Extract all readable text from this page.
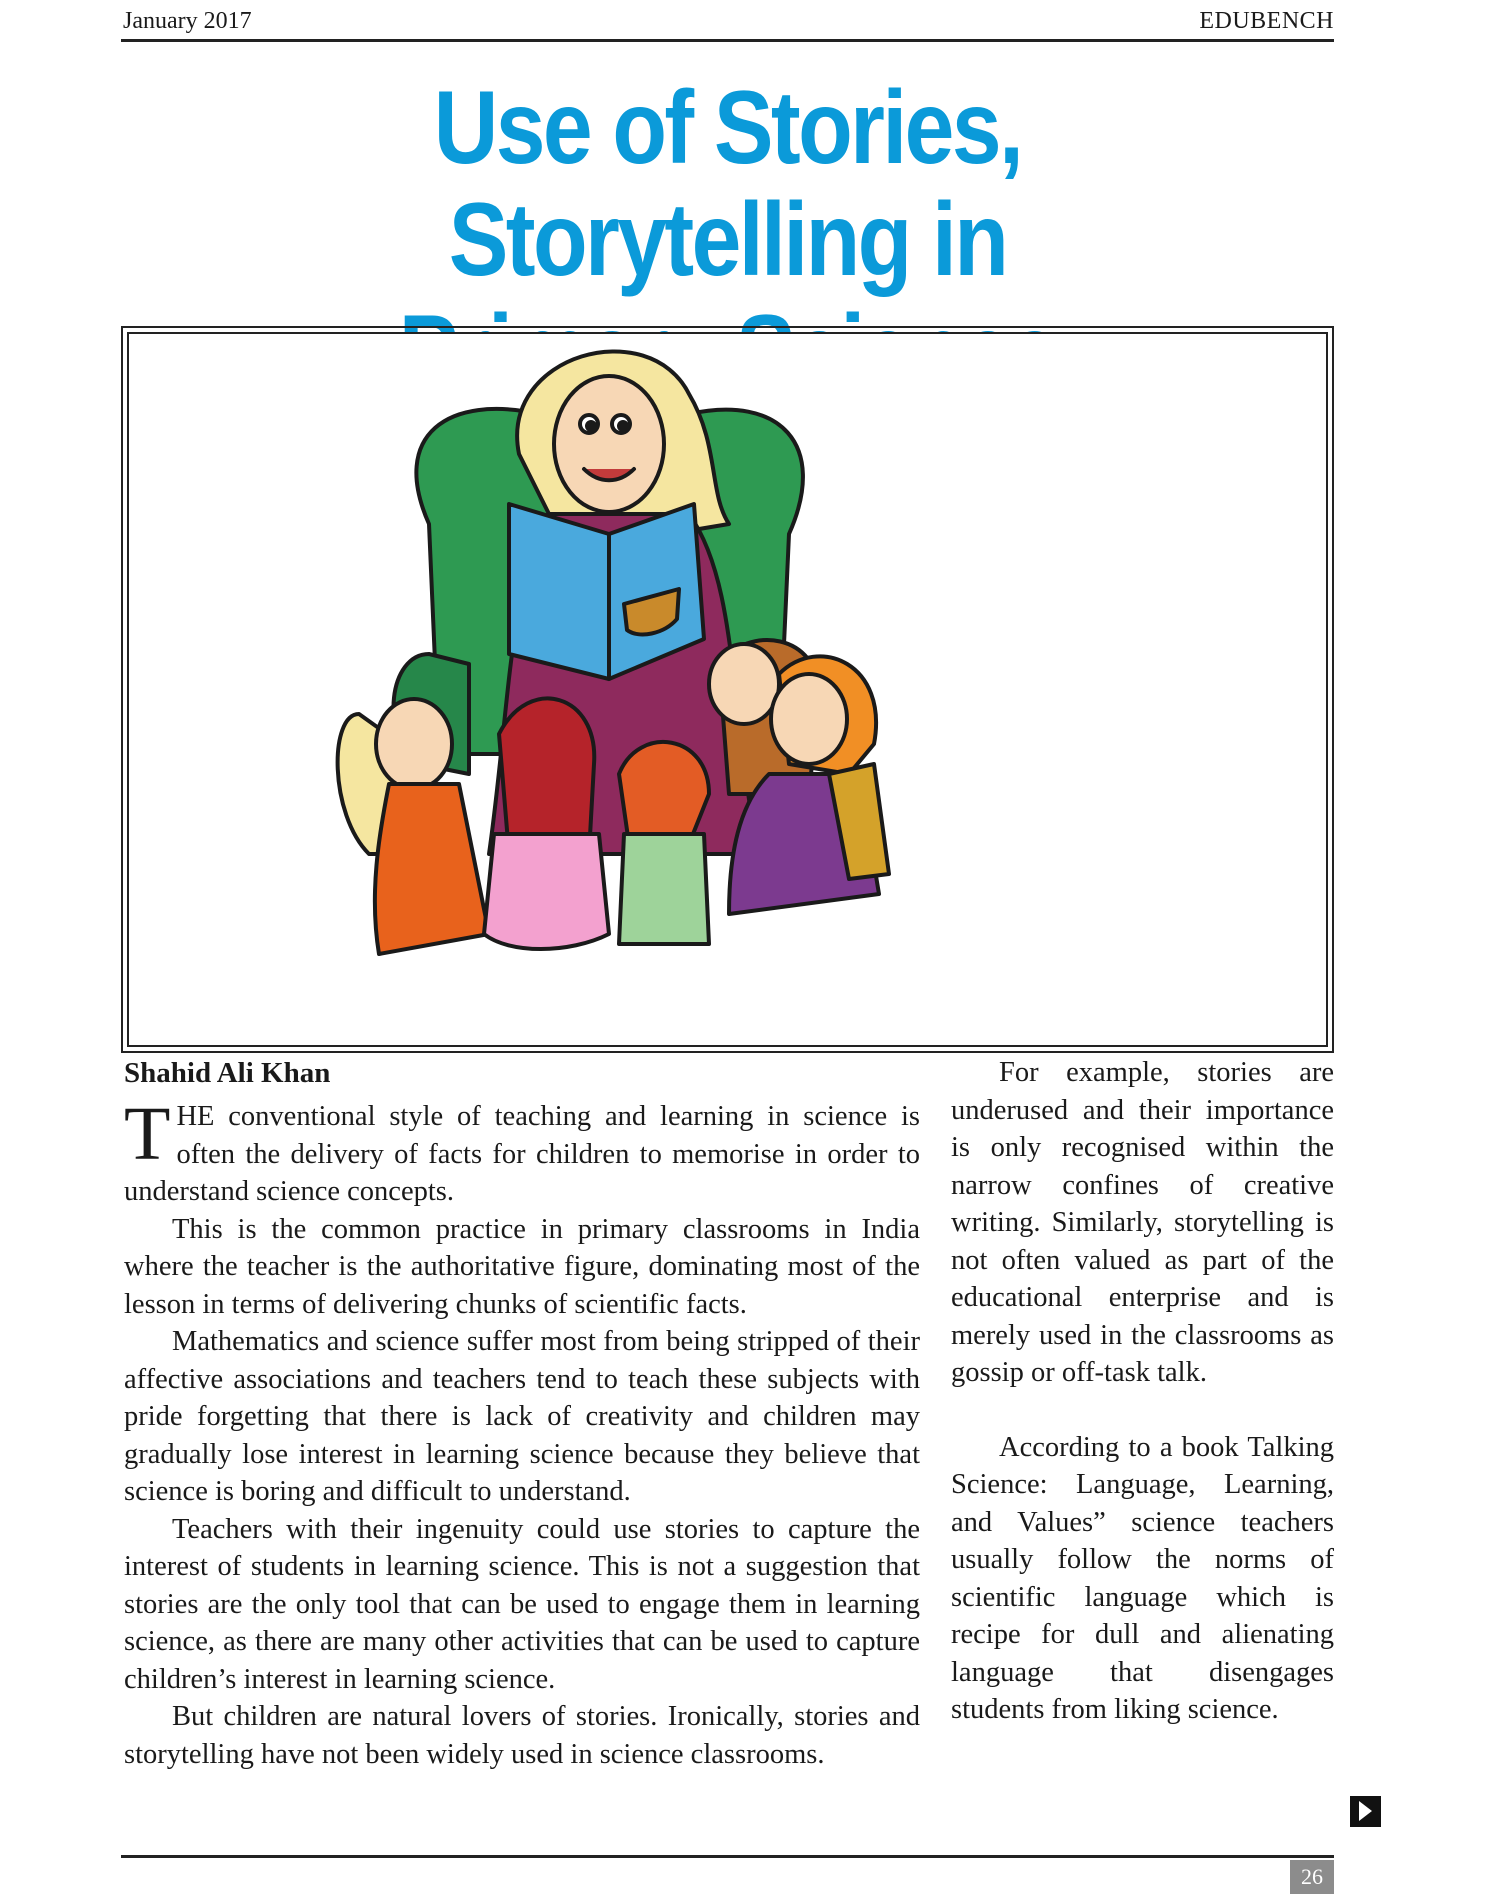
January 2017	EDUBENCH
Use of Stories, Storytelling in

Shahid Ali Khan

THE conventional style of teaching and learning in science is often the delivery of facts for children to memorise in order to understand science concepts.

This is the common practice in primary classrooms in India where the teacher is the authoritative figure, dominating most of the lesson in terms of delivering chunks of scientific facts.

Mathematics and science suffer most from being stripped of their affective associations and teachers tend to teach these subjects with pride forgetting that there is lack of creativity and children may gradually lose interest in learning science because they believe that science is boring and difficult to understand.

Teachers with their ingenuity could use stories to capture the interest of students in learning science. This is not a suggestion that stories are the only tool that can be used to engage them in learning science, as there are many other activities that can be used to capture children’s interest in learning science.

But children are natural lovers of stories. Ironically, stories and storytelling have not been widely used in science classrooms.

For example, stories are underused and their importance is only recognised within the narrow confines of creative writing. Similarly, storytelling is not often valued as part of the educational enterprise and is merely used in the classrooms as gossip or off-task talk.

According to a book Talking Science: Language, Learning, and Values” science teachers usually follow the norms of scientific language which is recipe for dull and alienating language that disengages students from liking science.

26
